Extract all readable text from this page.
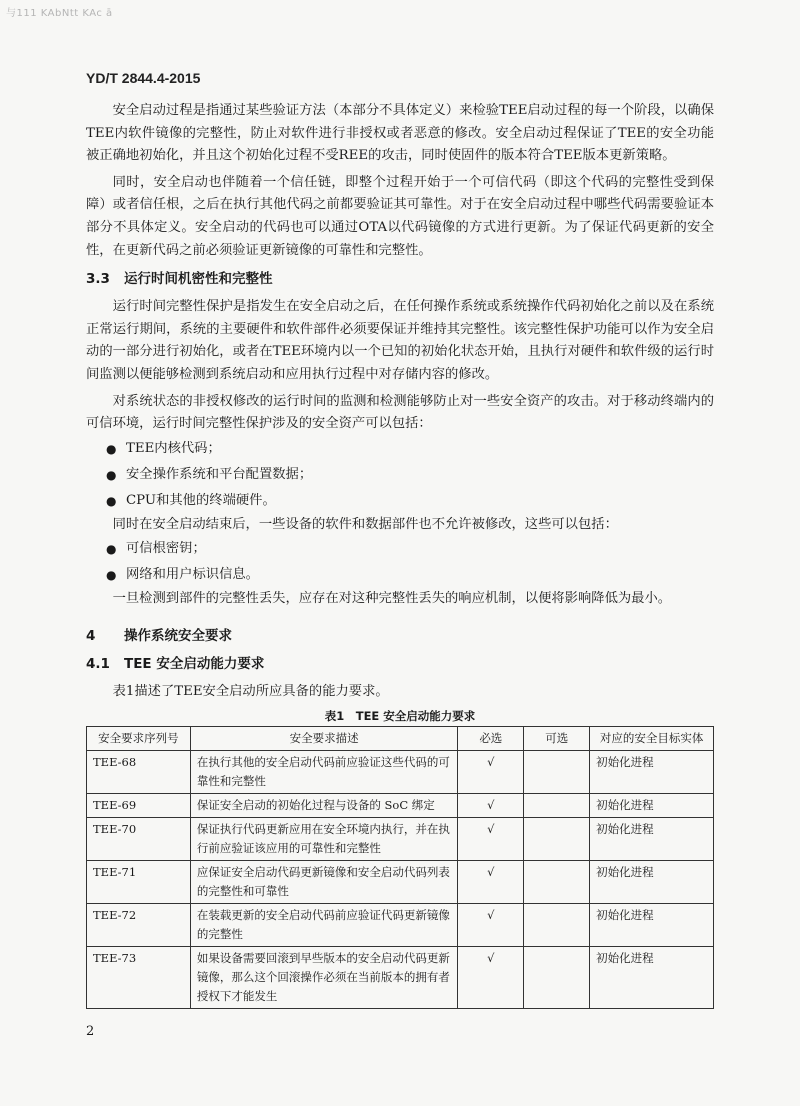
与111 KAbNtt KAc ā
YD/T 2844.4-2015

安全启动过程是指通过某些验证方法（本部分不具体定义）来检验TEE启动过程的每一个阶段，以确保TEE内软件镜像的完整性，防止对软件进行非授权或者恶意的修改。安全启动过程保证了TEE的安全功能被正确地初始化，并且这个初始化过程不受REE的攻击，同时使固件的版本符合TEE版本更新策略。

同时，安全启动也伴随着一个信任链，即整个过程开始于一个可信代码（即这个代码的完整性受到保障）或者信任根，之后在执行其他代码之前都要验证其可靠性。对于在安全启动过程中哪些代码需要验证本部分不具体定义。安全启动的代码也可以通过OTA以代码镜像的方式进行更新。为了保证代码更新的安全性，在更新代码之前必须验证更新镜像的可靠性和完整性。

3.3 运行时间机密性和完整性

运行时间完整性保护是指发生在安全启动之后，在任何操作系统或系统操作代码初始化之前以及在系统正常运行期间，系统的主要硬件和软件部件必须要保证并维持其完整性。该完整性保护功能可以作为安全启动的一部分进行初始化，或者在TEE环境内以一个已知的初始化状态开始，且执行对硬件和软件级的运行时间监测以便能够检测到系统启动和应用执行过程中对存储内容的修改。

对系统状态的非授权修改的运行时间的监测和检测能够防止对一些安全资产的攻击。对于移动终端内的可信环境，运行时间完整性保护涉及的安全资产可以包括：

● TEE内核代码；
● 安全操作系统和平台配置数据；
● CPU和其他的终端硬件。

同时在安全启动结束后，一些设备的软件和数据部件也不允许被修改，这些可以包括：

● 可信根密钥；
● 网络和用户标识信息。

一旦检测到部件的完整性丢失，应存在对这种完整性丢失的响应机制，以便将影响降低为最小。

4 操作系统安全要求
4.1 TEE 安全启动能力要求

表1描述了TEE安全启动所应具备的能力要求。

表1　TEE 安全启动能力要求
安全要求序列号	安全要求描述	必选	可选	对应的安全目标实体
TEE-68	在执行其他的安全启动代码前应验证这些代码的可靠性和完整性	√		初始化进程
TEE-69	保证安全启动的初始化过程与设备的 SoC 绑定	√		初始化进程
TEE-70	保证执行代码更新应用在安全环境内执行，并在执行前应验证该应用的可靠性和完整性	√		初始化进程
TEE-71	应保证安全启动代码更新镜像和安全启动代码列表的完整性和可靠性	√		初始化进程
TEE-72	在装载更新的安全启动代码前应验证代码更新镜像的完整性	√		初始化进程
TEE-73	如果设备需要回滚到早些版本的安全启动代码更新镜像，那么这个回滚操作必须在当前版本的拥有者授权下才能发生	√		初始化进程
2
